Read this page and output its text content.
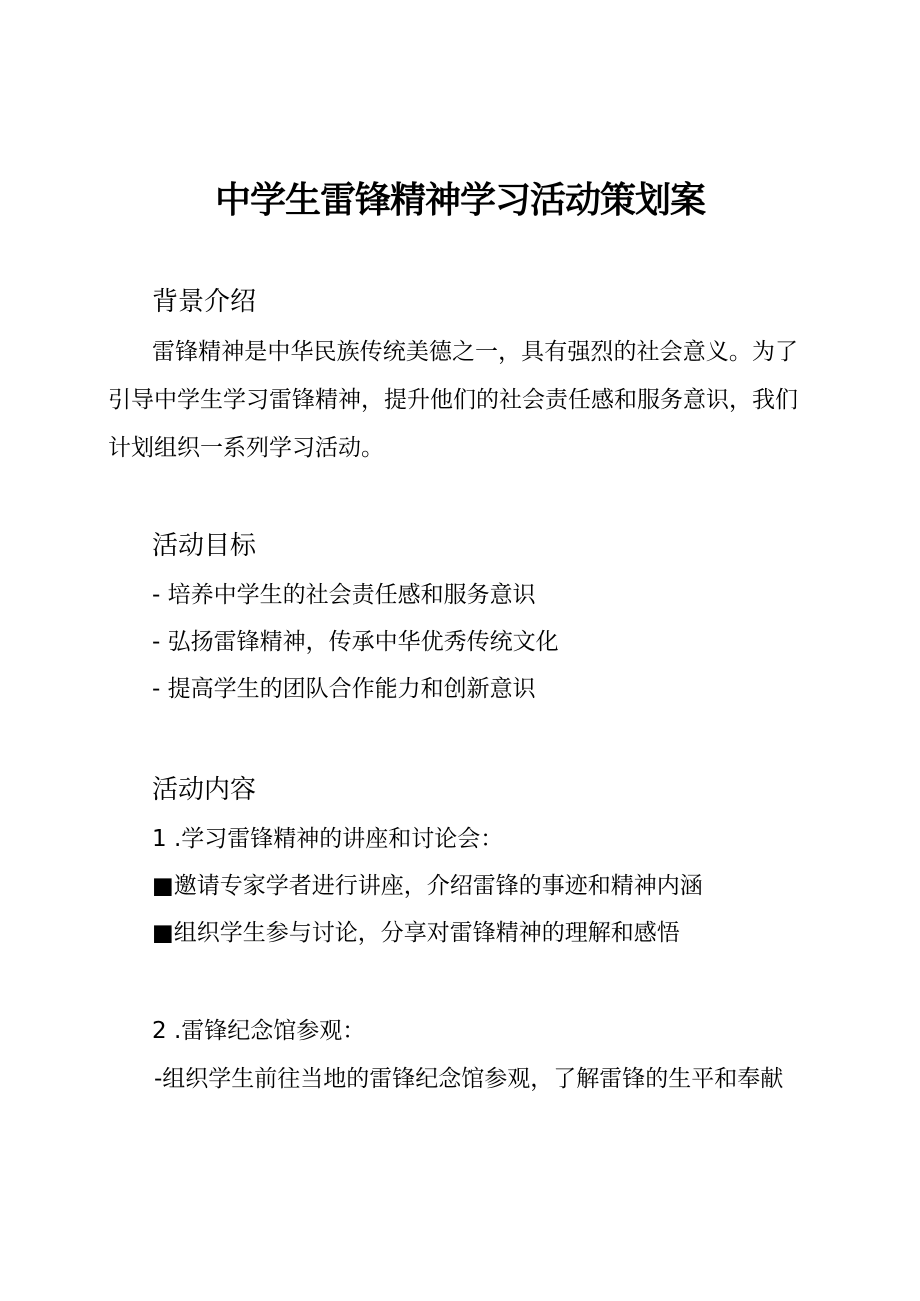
中学生雷锋精神学习活动策划案
背景介绍
雷锋精神是中华民族传统美德之一，具有强烈的社会意义。为了
引导中学生学习雷锋精神，提升他们的社会责任感和服务意识，我们
计划组织一系列学习活动。
活动目标
- 培养中学生的社会责任感和服务意识
- 弘扬雷锋精神，传承中华优秀传统文化
- 提高学生的团队合作能力和创新意识
活动内容
1 .学习雷锋精神的讲座和讨论会：
■邀请专家学者进行讲座，介绍雷锋的事迹和精神内涵
■组织学生参与讨论，分享对雷锋精神的理解和感悟
2 .雷锋纪念馆参观：
-组织学生前往当地的雷锋纪念馆参观，了解雷锋的生平和奉献
